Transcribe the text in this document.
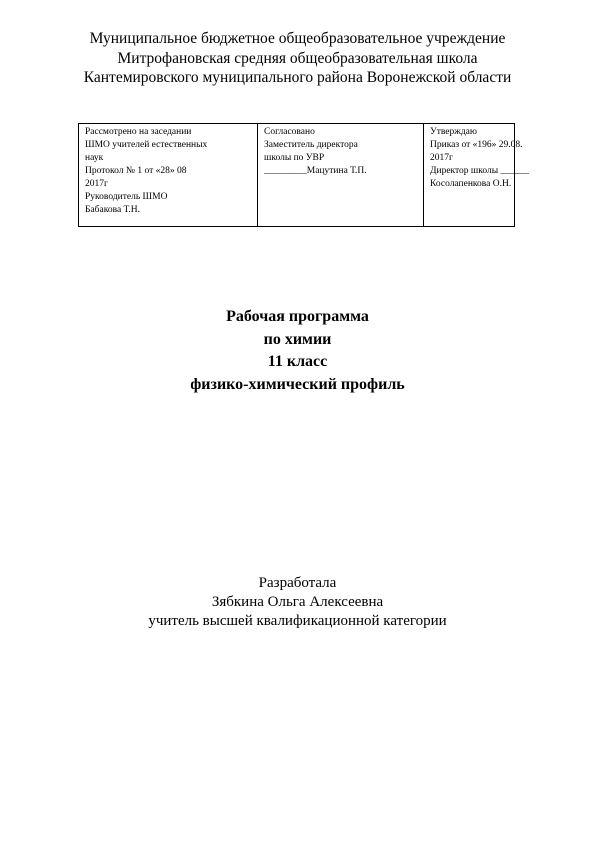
Муниципальное бюджетное общеобразовательное учреждение
Митрофановская средняя общеобразовательная школа
Кантемировского муниципального района Воронежской области
Рассмотрено на заседании
ШМО учителей естественных
наук
Протокол № 1 от «28» 08
2017г
Руководитель ШМО
Бабакова Т.Н.

Согласовано
Заместитель директора
школы по УВР
_________Мацутина Т.П.

Утверждаю
Приказ от «196» 29.08.
2017г
Директор школы ______
Косолапенкова О.Н.
Рабочая программа
по химии
11 класс
физико-химический профиль
Разработала
Зябкина Ольга Алексеевна
учитель высшей квалификационной категории
